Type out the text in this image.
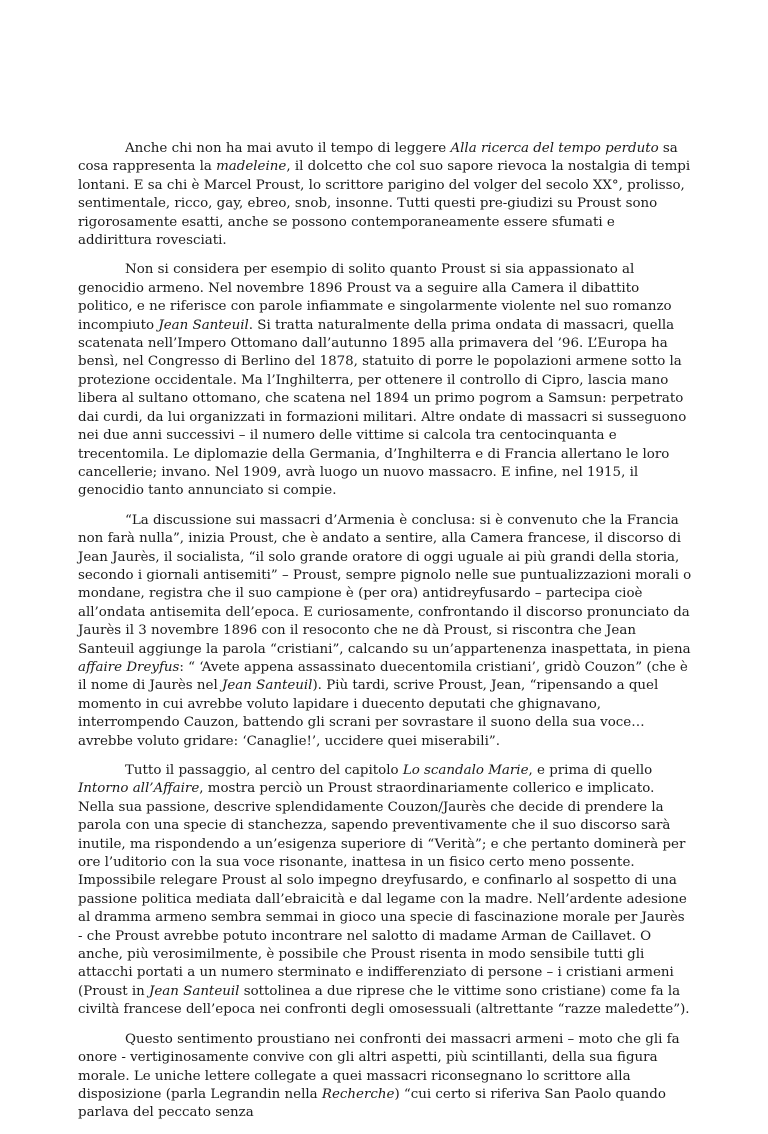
Anche chi non ha mai avuto il tempo di leggere Alla ricerca del tempo perduto sa cosa rappresenta la madeleine, il dolcetto che col suo sapore rievoca la nostalgia di tempi lontani. E sa chi è Marcel Proust, lo scrittore parigino del volger del secolo XX°, prolisso, sentimentale, ricco, gay, ebreo, snob, insonne. Tutti questi pre-giudizi su Proust sono rigorosamente esatti, anche se possono contemporaneamente essere sfumati e addirittura rovesciati.

Non si considera per esempio di solito quanto Proust si sia appassionato al genocidio armeno. Nel novembre 1896 Proust va a seguire alla Camera il dibattito politico, e ne riferisce con parole infiammate e singolarmente violente nel suo romanzo incompiuto Jean Santeuil. Si tratta naturalmente della prima ondata di massacri, quella scatenata nell’Impero Ottomano dall’autunno 1895 alla primavera del ’96. L’Europa ha bensì, nel Congresso di Berlino del 1878, statuito di porre le popolazioni armene sotto la protezione occidentale. Ma l’Inghilterra, per ottenere il controllo di Cipro, lascia mano libera al sultano ottomano, che scatena nel 1894 un primo pogrom a Samsun: perpetrato dai curdi, da lui organizzati in formazioni militari. Altre ondate di massacri si susseguono nei due anni successivi – il numero delle vittime si calcola tra centocinquanta e trecentomila. Le diplomazie della Germania, d’Inghilterra e di Francia allertano le loro cancellerie; invano. Nel 1909, avrà luogo un nuovo massacro. E infine, nel 1915, il genocidio tanto annunciato si compie.

“La discussione sui massacri d’Armenia è conclusa: si è convenuto che la Francia non farà nulla”, inizia Proust, che è andato a sentire, alla Camera francese, il discorso di Jean Jaurès, il socialista, “il solo grande oratore di oggi uguale ai più grandi della storia, secondo i giornali antisemiti” – Proust, sempre pignolo nelle sue puntualizzazioni morali o mondane, registra che il suo campione è (per ora) antidreyfusardo – partecipa cioè all’ondata antisemita dell’epoca. E curiosamente, confrontando il discorso pronunciato da Jaurès il 3 novembre 1896 con il resoconto che ne dà Proust, si riscontra che Jean Santeuil aggiunge la parola “cristiani”, calcando su un’appartenenza inaspettata, in piena affaire Dreyfus: “ ‘Avete appena assassinato duecentomila cristiani’, gridò Couzon” (che è il nome di Jaurès nel Jean Santeuil). Più tardi, scrive Proust, Jean, “ripensando a quel momento in cui avrebbe voluto lapidare i duecento deputati che ghignavano, interrompendo Cauzon, battendo gli scrani per sovrastare il suono della sua voce…avrebbe voluto gridare: ‘Canaglie!’, uccidere quei miserabili”.

Tutto il passaggio, al centro del capitolo Lo scandalo Marie, e prima di quello Intorno all’Affaire, mostra perciò un Proust straordinariamente collerico e implicato. Nella sua passione, descrive splendidamente Couzon/Jaurès che decide di prendere la parola con una specie di stanchezza, sapendo preventivamente che il suo discorso sarà inutile, ma rispondendo a un’esigenza superiore di “Verità”; e che pertanto dominerà per ore l’uditorio con la sua voce risonante, inattesa in un fisico certo meno possente. Impossibile relegare Proust al solo impegno dreyfusardo, e confinarlo al sospetto di una passione politica mediata dall’ebraicità e dal legame con la madre. Nell’ardente adesione al dramma armeno sembra semmai in gioco una specie di fascinazione morale per Jaurès - che Proust avrebbe potuto incontrare nel salotto di madame Arman de Caillavet. O anche, più verosimilmente, è possibile che Proust risenta in modo sensibile tutti gli attacchi portati a un numero sterminato e indifferenziato di persone – i cristiani armeni (Proust in Jean Santeuil sottolinea a due riprese che le vittime sono cristiane) come fa la civiltà francese dell’epoca nei confronti degli omosessuali (altrettante “razze maledette”).

Questo sentimento proustiano nei confronti dei massacri armeni – moto che gli fa onore - vertiginosamente convive con gli altri aspetti, più scintillanti, della sua figura morale. Le uniche lettere collegate a quei massacri riconsegnano lo scrittore alla disposizione (parla Legrandin nella Recherche) “cui certo si riferiva San Paolo quando parlava del peccato senza
